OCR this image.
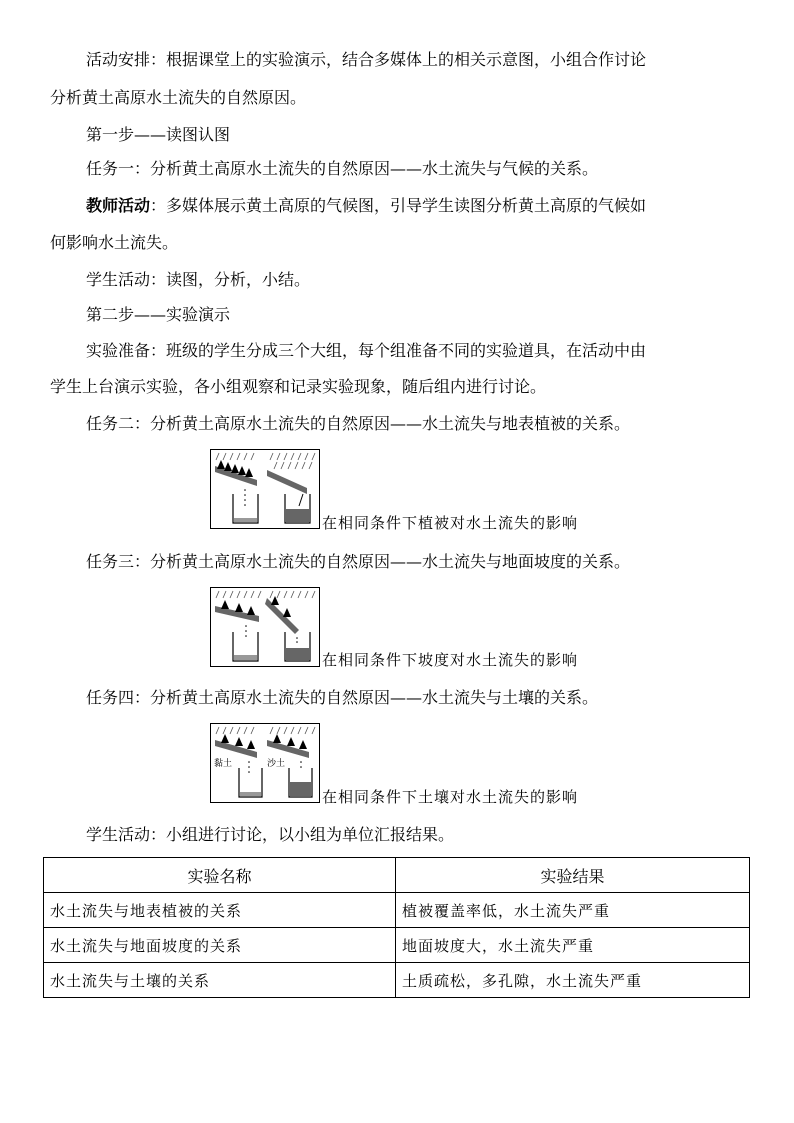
活动安排：根据课堂上的实验演示，结合多媒体上的相关示意图，小组合作讨论
分析黄土高原水土流失的自然原因。
第一步——读图认图
任务一：分析黄土高原水土流失的自然原因——水土流失与气候的关系。
教师活动：多媒体展示黄土高原的气候图，引导学生读图分析黄土高原的气候如
何影响水土流失。
学生活动：读图，分析，小结。
第二步——实验演示
实验准备：班级的学生分成三个大组，每个组准备不同的实验道具，在活动中由
学生上台演示实验，各小组观察和记录实验现象，随后组内进行讨论。
任务二：分析黄土高原水土流失的自然原因——水土流失与地表植被的关系。
在相同条件下植被对水土流失的影响
任务三：分析黄土高原水土流失的自然原因——水土流失与地面坡度的关系。
在相同条件下坡度对水土流失的影响
任务四：分析黄土高原水土流失的自然原因——水土流失与土壤的关系。
黏土	沙土
在相同条件下土壤对水土流失的影响
学生活动：小组进行讨论，以小组为单位汇报结果。
实验名称	实验结果
水土流失与地表植被的关系	植被覆盖率低，水土流失严重
水土流失与地面坡度的关系	地面坡度大，水土流失严重
水土流失与土壤的关系	土质疏松，多孔隙，水土流失严重
